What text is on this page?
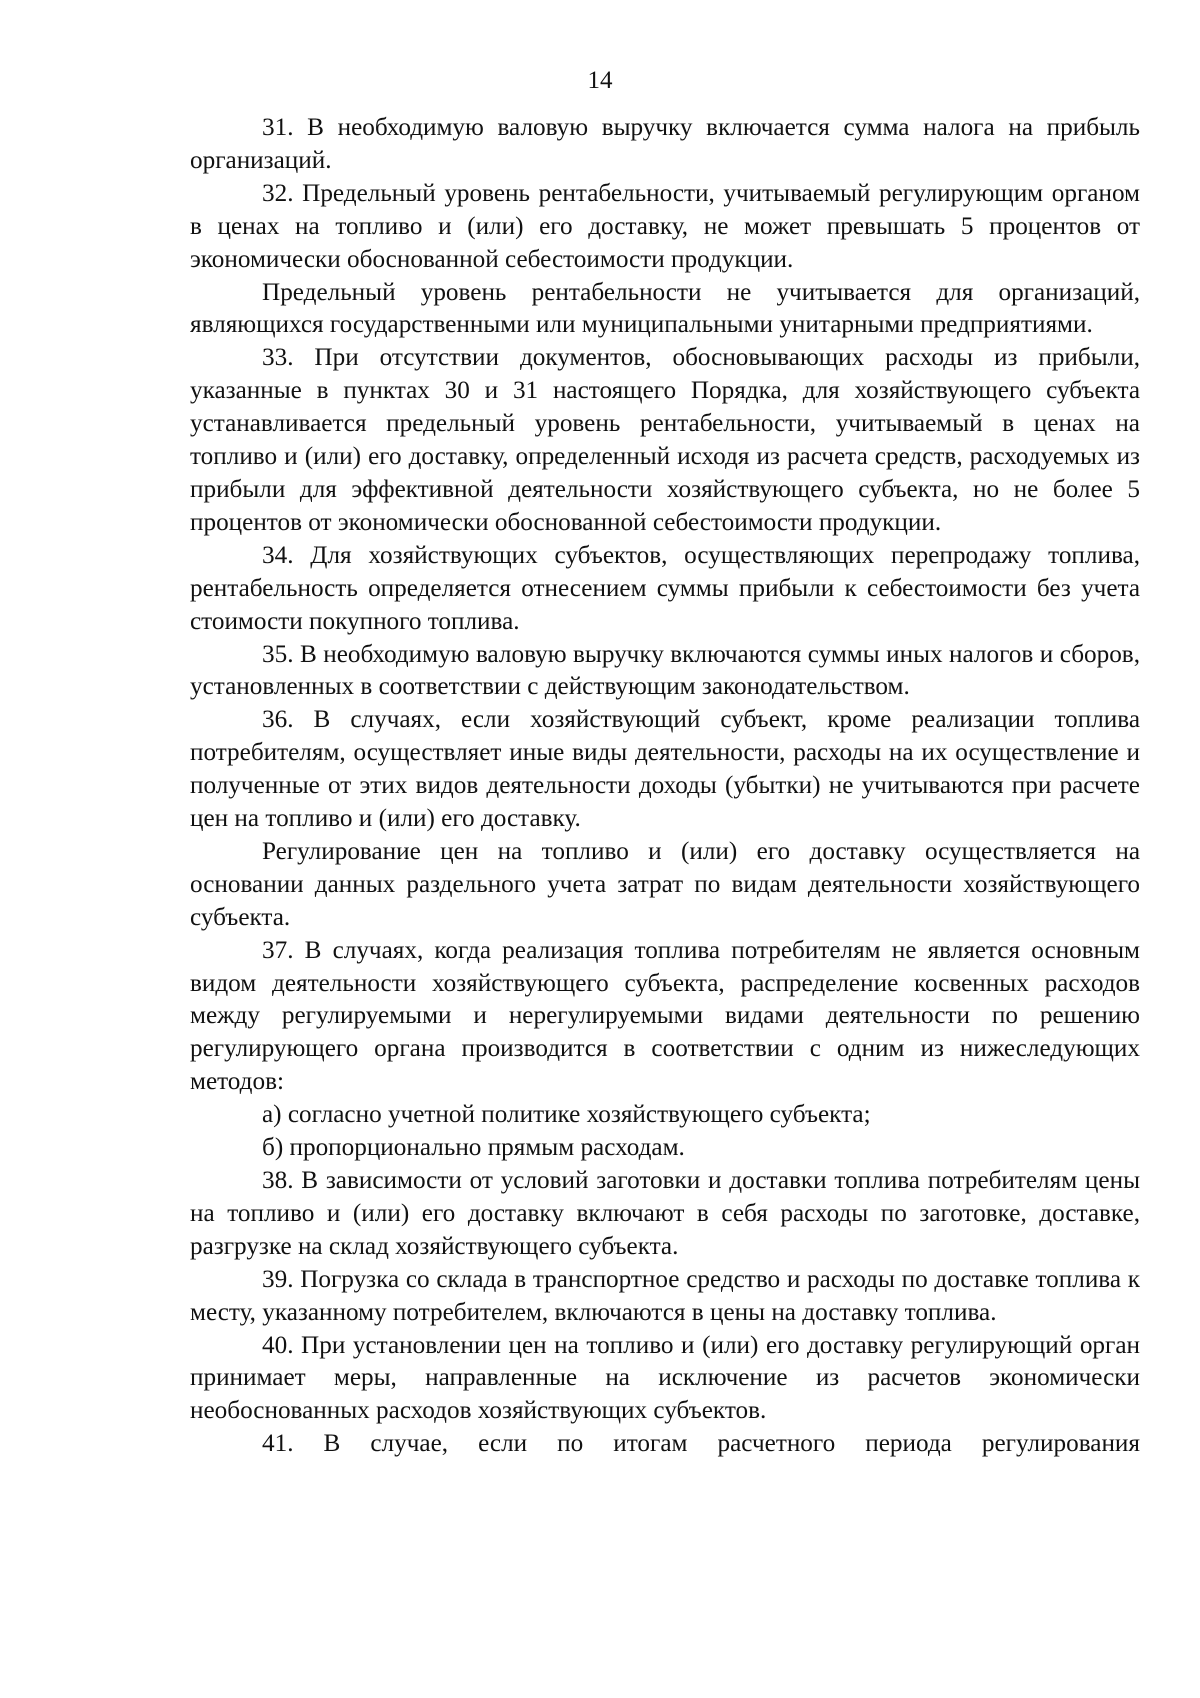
14

31. В необходимую валовую выручку включается сумма налога на прибыль организаций.

32. Предельный уровень рентабельности, учитываемый регулирующим органом в ценах на топливо и (или) его доставку, не может превышать 5 процентов от экономически обоснованной себестоимости продукции.

Предельный уровень рентабельности не учитывается для организаций, являющихся государственными или муниципальными унитарными предприятиями.

33. При отсутствии документов, обосновывающих расходы из прибыли, указанные в пунктах 30 и 31 настоящего Порядка, для хозяйствующего субъекта устанавливается предельный уровень рентабельности, учитываемый в ценах на топливо и (или) его доставку, определенный исходя из расчета средств, расходуемых из прибыли для эффективной деятельности хозяйствующего субъекта, но не более 5 процентов от экономически обоснованной себестоимости продукции.

34. Для хозяйствующих субъектов, осуществляющих перепродажу топлива, рентабельность определяется отнесением суммы прибыли к себестоимости без учета стоимости покупного топлива.

35. В необходимую валовую выручку включаются суммы иных налогов и сборов, установленных в соответствии с действующим законодательством.

36. В случаях, если хозяйствующий субъект, кроме реализации топлива потребителям, осуществляет иные виды деятельности, расходы на их осуществление и полученные от этих видов деятельности доходы (убытки) не учитываются при расчете цен на топливо и (или) его доставку.

Регулирование цен на топливо и (или) его доставку осуществляется на основании данных раздельного учета затрат по видам деятельности хозяйствующего субъекта.

37. В случаях, когда реализация топлива потребителям не является основным видом деятельности хозяйствующего субъекта, распределение косвенных расходов между регулируемыми и нерегулируемыми видами деятельности по решению регулирующего органа производится в соответствии с одним из нижеследующих методов:

а) согласно учетной политике хозяйствующего субъекта;

б) пропорционально прямым расходам.

38. В зависимости от условий заготовки и доставки топлива потребителям цены на топливо и (или) его доставку включают в себя расходы по заготовке, доставке, разгрузке на склад хозяйствующего субъекта.

39. Погрузка со склада в транспортное средство и расходы по доставке топлива к месту, указанному потребителем, включаются в цены на доставку топлива.

40. При установлении цен на топливо и (или) его доставку регулирующий орган принимает меры, направленные на исключение из расчетов экономически необоснованных расходов хозяйствующих субъектов.

41. В случае, если по итогам расчетного периода регулирования
